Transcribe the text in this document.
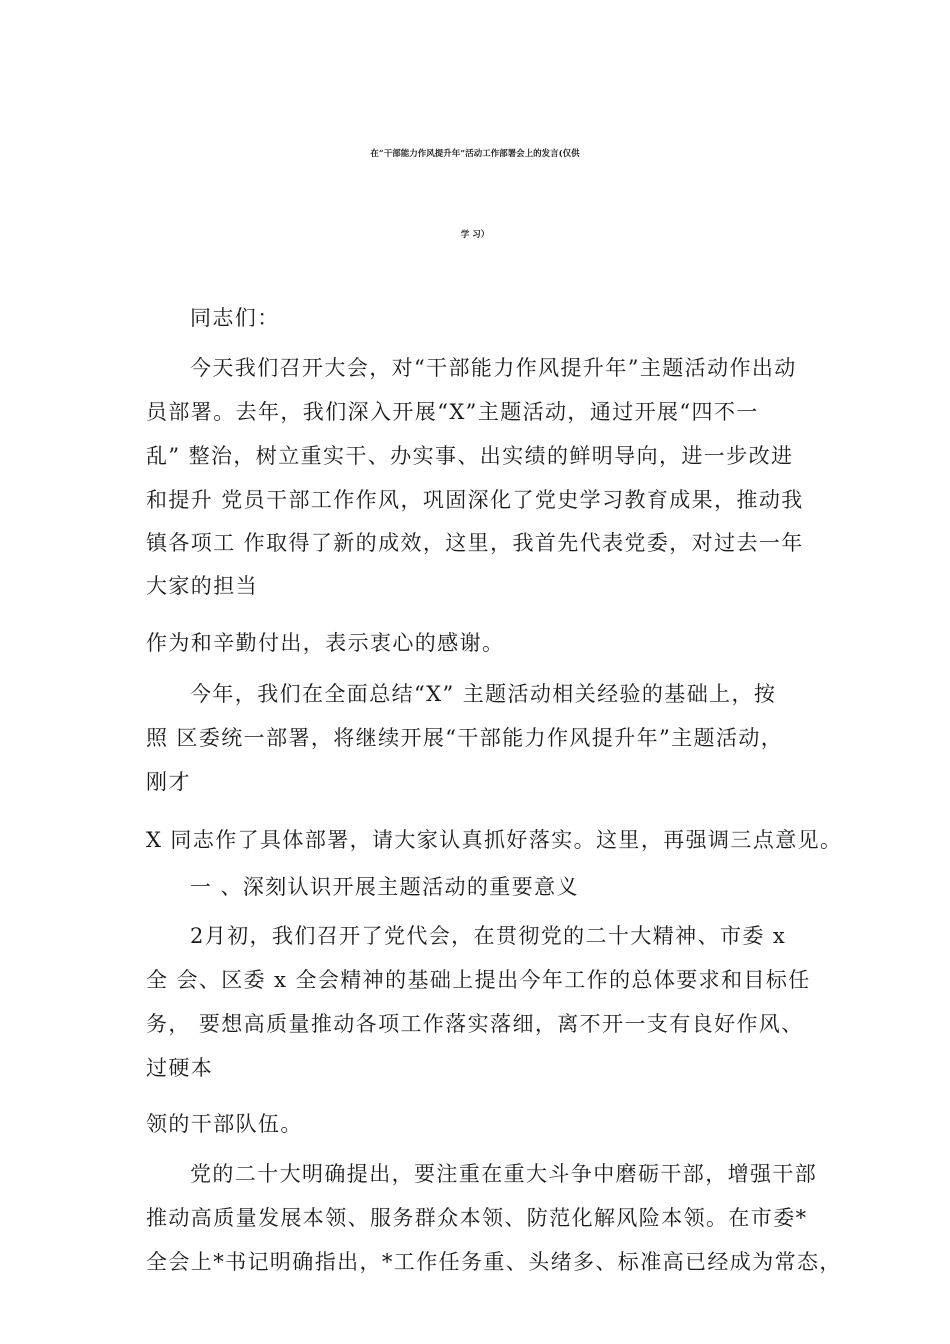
在“干部能力作风提升年”活动工作部署会上的发言(仅供
学 习）
同志们：
今天我们召开大会，对“干部能力作风提升年”主题活动作出动
员部署。去年，我们深入开展“X”主题活动，通过开展“四不一
乱” 整治，树立重实干、办实事、出实绩的鲜明导向，进一步改进
和提升 党员干部工作作风，巩固深化了党史学习教育成果，推动我
镇各项工 作取得了新的成效，这里，我首先代表党委，对过去一年
大家的担当
作为和辛勤付出，表示衷心的感谢。
今年，我们在全面总结“X” 主题活动相关经验的基础上，按
照 区委统一部署，将继续开展“干部能力作风提升年”主题活动，
刚才
X 同志作了具体部署，请大家认真抓好落实。这里，再强调三点意见。
一 、深刻认识开展主题活动的重要意义
2月初，我们召开了党代会，在贯彻党的二十大精神、市委 x
全 会、区委 x 全会精神的基础上提出今年工作的总体要求和目标任
务， 要想高质量推动各项工作落实落细，离不开一支有良好作风、
过硬本
领的干部队伍。
党的二十大明确提出，要注重在重大斗争中磨砺干部，增强干部
推动高质量发展本领、服务群众本领、防范化解风险本领。在市委*
全会上*书记明确指出，*工作任务重、头绪多、标准高已经成为常态，
